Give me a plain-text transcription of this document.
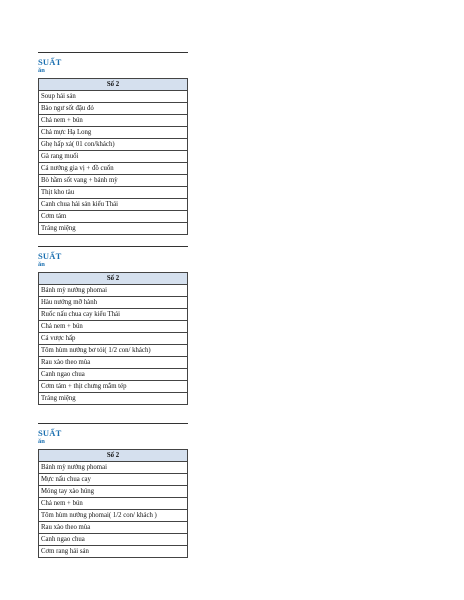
SUẤT
ăn
Số 2
Soup hải sản
Bào ngư sốt đậu đỏ
Chả nem + bún
Chả mực Hạ Long
Ghẹ hấp xả( 01 con/khách)
Gà rang muối
Cá nướng gia vị + đồ cuốn
Bò hầm sốt vang + bánh mỳ
Thịt kho tàu
Canh chua hải sản kiểu Thái
Cơm tám
Tráng miệng
SUẤT
ăn
Số 2
Bánh mỳ nướng phomai
Hàu nướng mỡ hành
Ruốc nấu chua cay kiểu Thái
Chả nem + bún
Cá vược hấp
Tôm hùm nướng bơ tỏi( 1/2 con/ khách)
Rau xào theo mùa
Canh ngao chua
Cơm tám + thịt chưng mắm tép
Tráng miệng
SUẤT
ăn
Số 2
Bánh mỳ nướng phomai
Mực nấu chua cay
Móng tay xào húng
Chả nem + bún
Tôm hùm nướng phomai( 1/2 con/ khách )
Rau xào theo mùa
Canh ngao chua
Cơm rang hải sản
